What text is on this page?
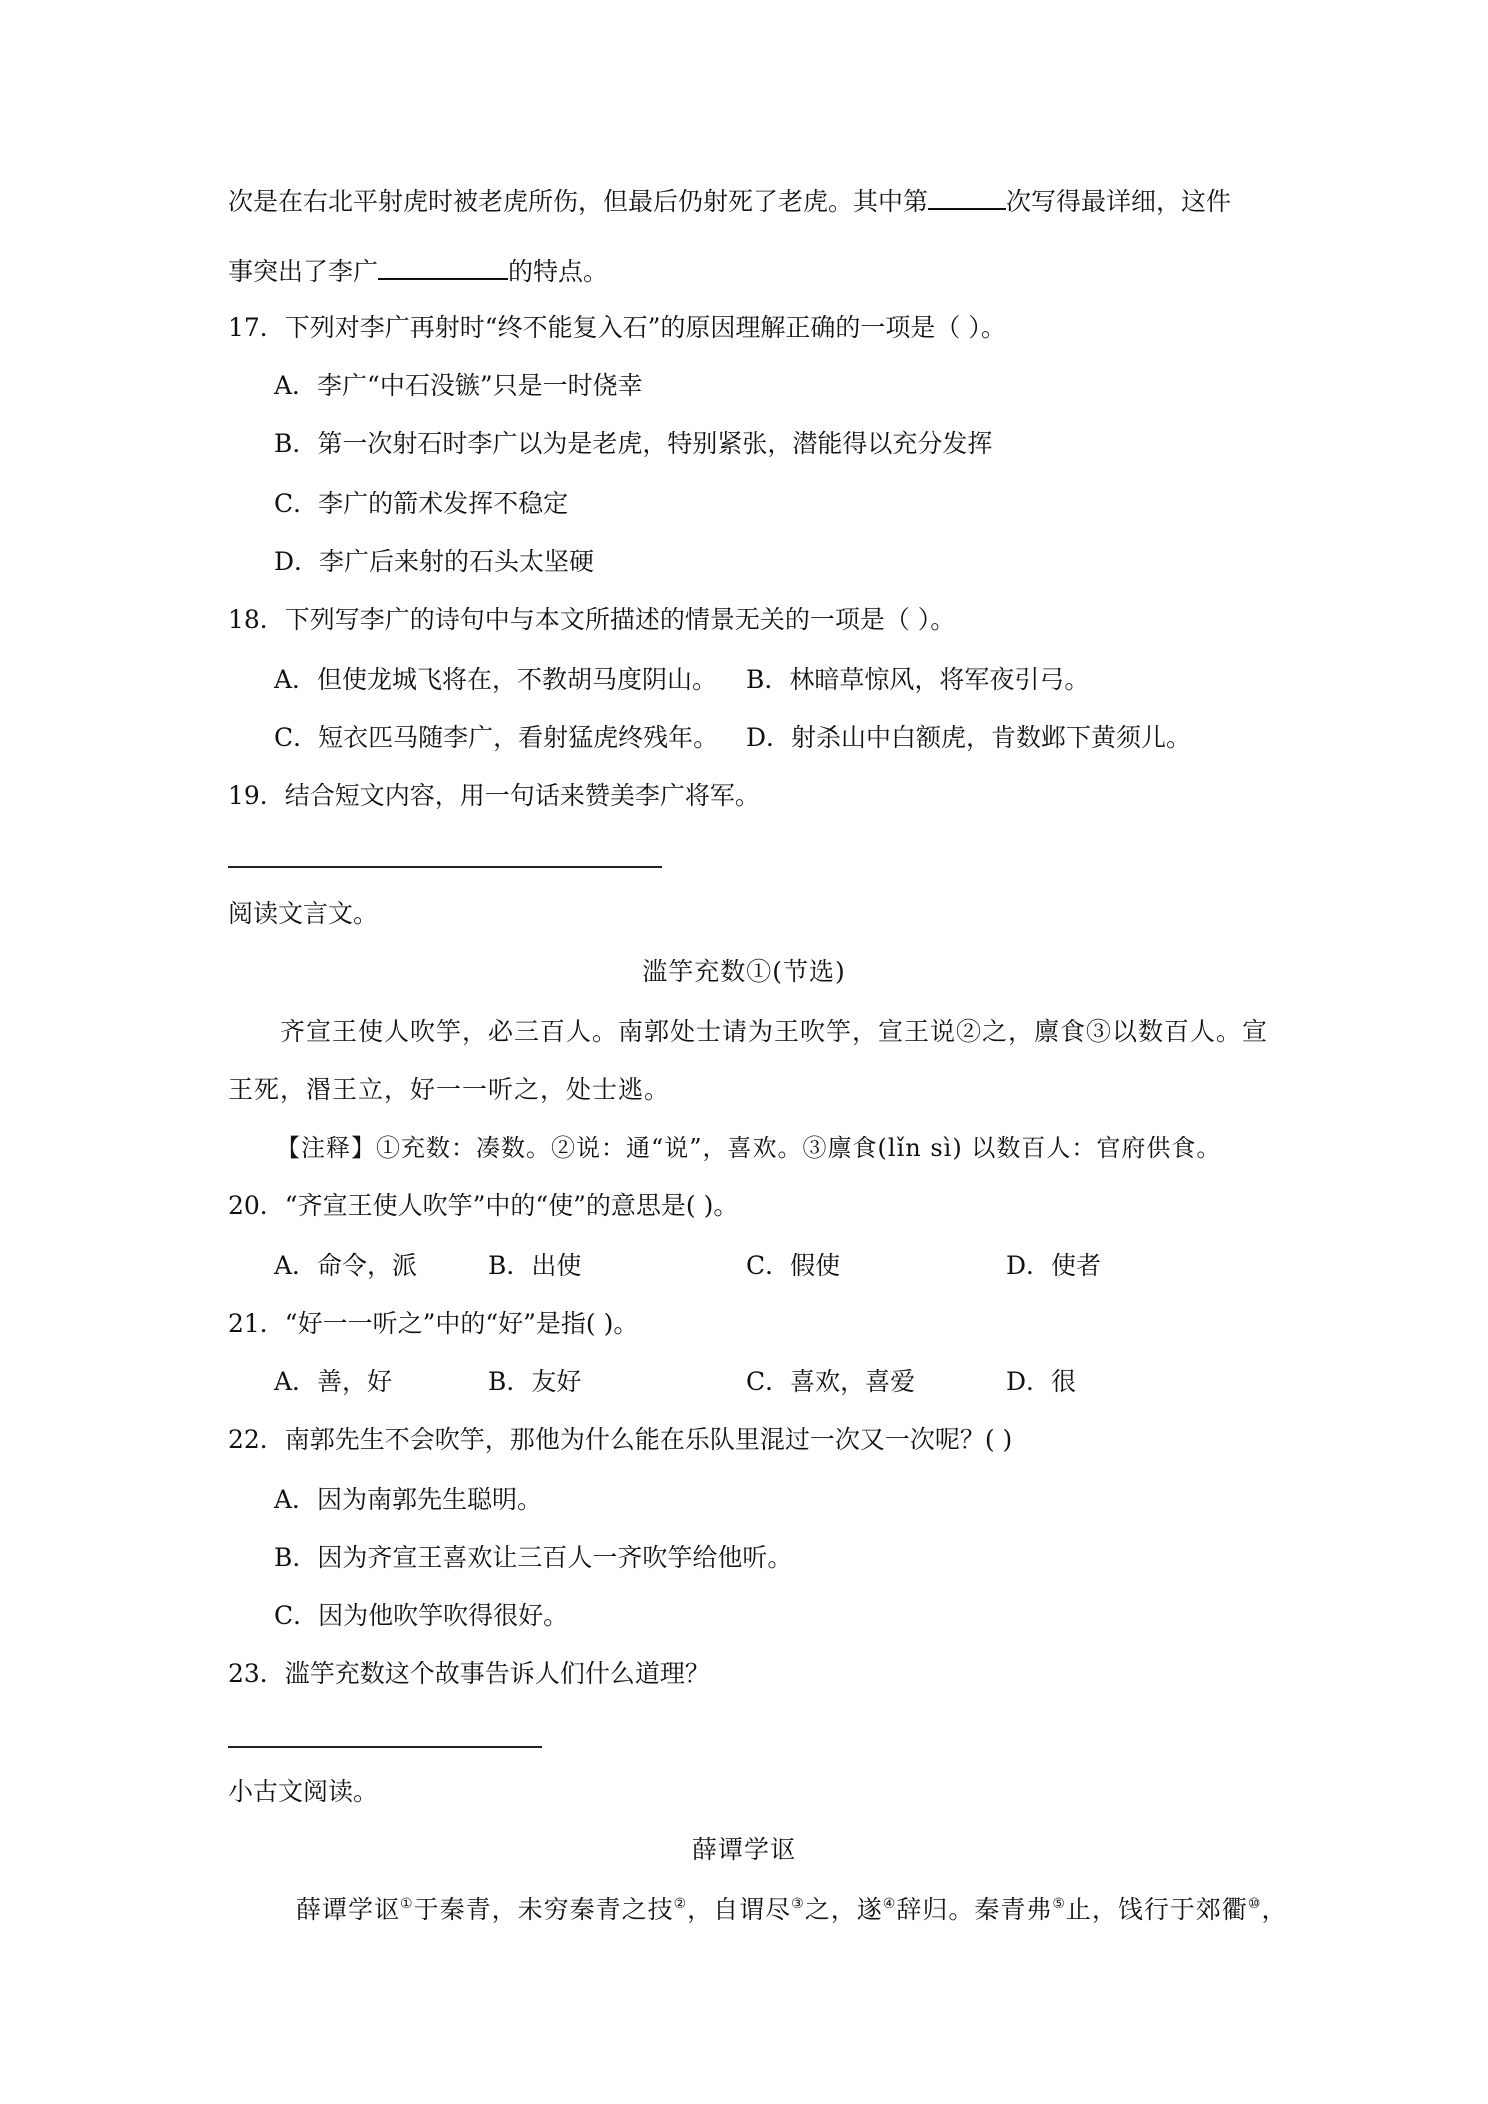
次是在右北平射虎时被老虎所伤，但最后仍射死了老虎。其中第	次写得最详细，这件
事突出了李广	的特点。
17．下列对李广再射时“终不能复入石”的原因理解正确的一项是（ ）。
A．李广“中石没镞”只是一时侥幸
B．第一次射石时李广以为是老虎，特别紧张，潜能得以充分发挥
C．李广的箭术发挥不稳定
D．李广后来射的石头太坚硬
18．下列写李广的诗句中与本文所描述的情景无关的一项是（ ）。
A．但使龙城飞将在，不教胡马度阴山。 B．林暗草惊风，将军夜引弓。
C．短衣匹马随李广，看射猛虎终残年。 D．射杀山中白额虎，肯数邺下黄须儿。
19．结合短文内容，用一句话来赞美李广将军。
阅读文言文。
滥竽充数①(节选)
齐宣王使人吹竽，必三百人。南郭处士请为王吹竽，宣王说②之，廪食③以数百人。宣
王死，湣王立，好一一听之，处士逃。
【注释】①充数：凑数。②说：通“说”，喜欢。③廪食(lǐn sì) 以数百人：官府供食。
20．“齐宣王使人吹竽”中的“使”的意思是( )。
A．命令，派	B．出使	C．假使	D．使者
21．“好一一听之”中的“好”是指( )。
A．善，好	B．友好	C．喜欢，喜爱	D．很
22．南郭先生不会吹竽，那他为什么能在乐队里混过一次又一次呢？( )
A．因为南郭先生聪明。
B．因为齐宣王喜欢让三百人一齐吹竽给他听。
C．因为他吹竽吹得很好。
23．滥竽充数这个故事告诉人们什么道理？
小古文阅读。
薛谭学讴
薛谭学讴①于秦青，未穷秦青之技②，自谓尽③之，遂④辞归。秦青弗⑤止，饯行于郊衢⑩，
